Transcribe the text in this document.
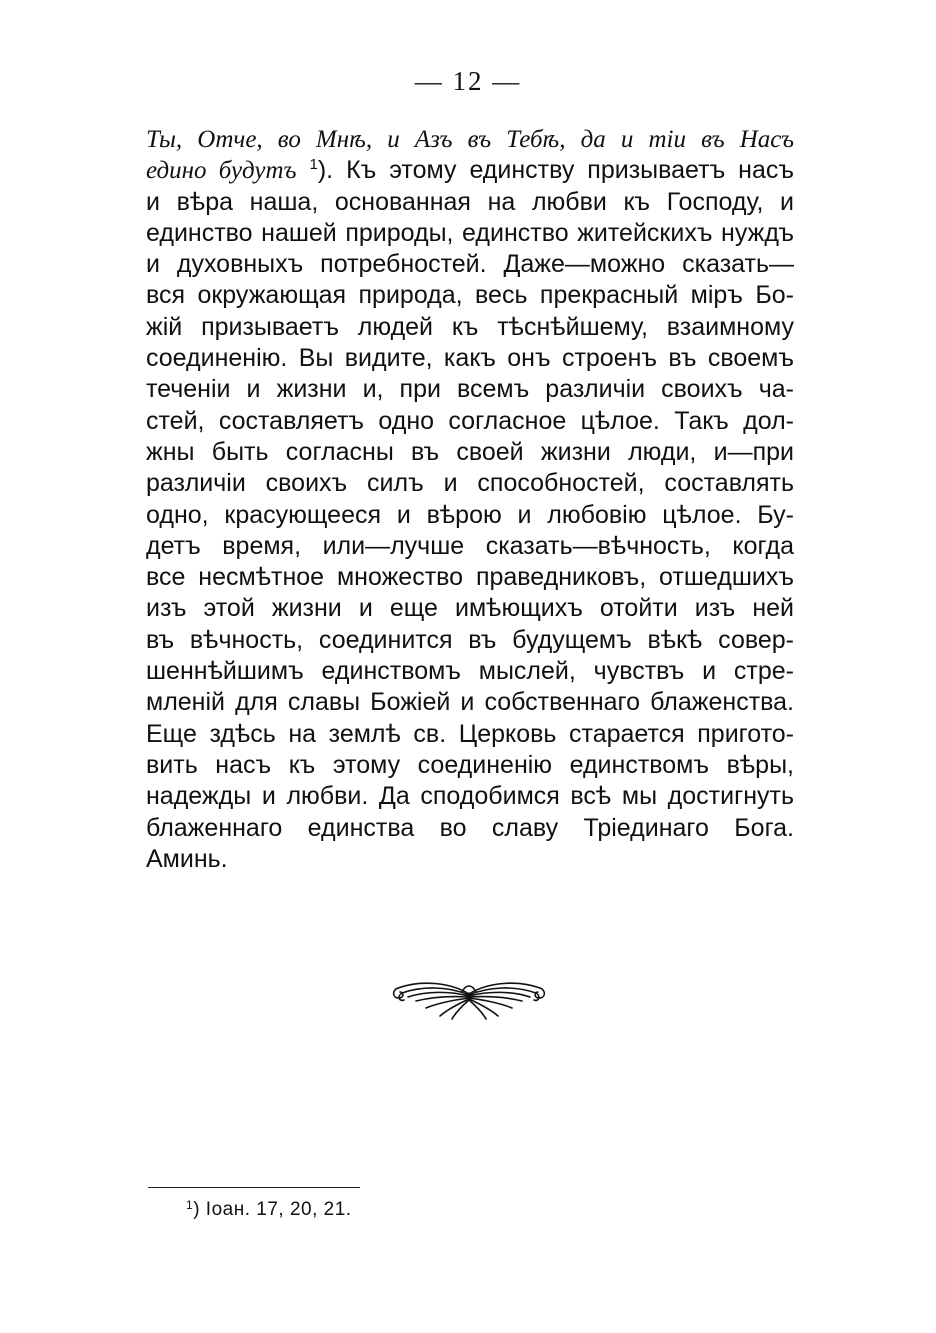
— 12 —
Ты, Отче, во Мнѣ, и Азъ въ Тебѣ, да и тіи въ Насъ
едино будутъ $^1$). Къ этому единству призываетъ насъ
и вѣра наша, основанная на любви къ Господу, и
единство нашей природы, единство житейскихъ нуждъ
и духовныхъ потребностей. Даже—можно сказать—
вся окружающая природа, весь прекрасный міръ Бо-
жій призываетъ людей къ тѣснѣйшему, взаимному
соединенію. Вы видите, какъ онъ строенъ въ своемъ
теченіи и жизни и, при всемъ различіи своихъ ча-
стей, составляетъ одно согласное цѣлое. Такъ дол-
жны быть согласны въ своей жизни люди, и—при
различіи своихъ силъ и способностей, составлять
одно, красующееся и вѣрою и любовію цѣлое. Бу-
детъ время, или—лучше сказать—вѣчность, когда
все несмѣтное множество праведниковъ, отшедшихъ
изъ этой жизни и еще имѣющихъ отойти изъ ней
въ вѣчность, соединится въ будущемъ вѣкѣ совер-
шеннѣйшимъ единствомъ мыслей, чувствъ и стре-
мленій для славы Божіей и собственнаго блаженства.
Еще здѣсь на землѣ св. Церковь старается пригото-
вить насъ къ этому соединенію единствомъ вѣры,
надежды и любви. Да сподобимся всѣ мы достигнуть
блаженнаго единства во славу Тріединаго Бога.
Аминь.
$^1$) Іоан. 17, 20, 21.
